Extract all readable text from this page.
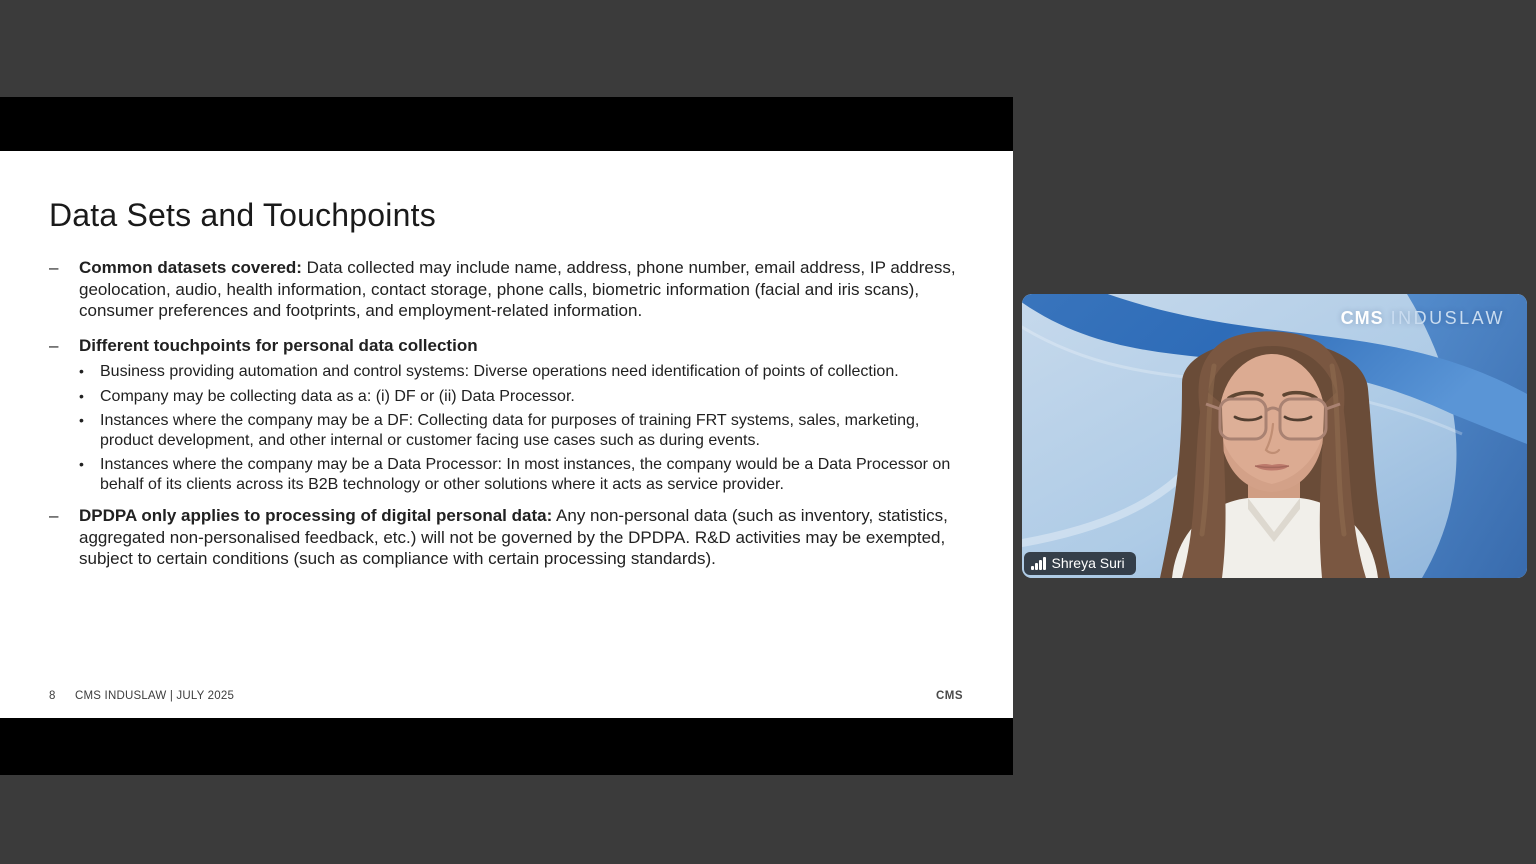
Data Sets and Touchpoints
–	Common datasets covered: Data collected may include name, address, phone number, email address, IP address, geolocation, audio, health information, contact storage, phone calls, biometric information (facial and iris scans), consumer preferences and footprints, and employment-related information.
–	Different touchpoints for personal data collection
•	Business providing automation and control systems: Diverse operations need identification of points of collection.
•	Company may be collecting data as a: (i) DF or (ii) Data Processor.
•	Instances where the company may be a DF: Collecting data for purposes of training FRT systems, sales, marketing, product development, and other internal or customer facing use cases such as during events.
•	Instances where the company may be a Data Processor: In most instances, the company would be a Data Processor on behalf of its clients across its B2B technology or other solutions where it acts as service provider.
–	DPDPA only applies to processing of digital personal data: Any non-personal data (such as inventory, statistics, aggregated non-personalised feedback, etc.) will not be governed by the DPDPA. R&D activities may be exempted, subject to certain conditions (such as compliance with certain processing standards).
8 CMS INDUSLAW | JULY 2025	CMS
CMS INDUSLAW
Shreya Suri
